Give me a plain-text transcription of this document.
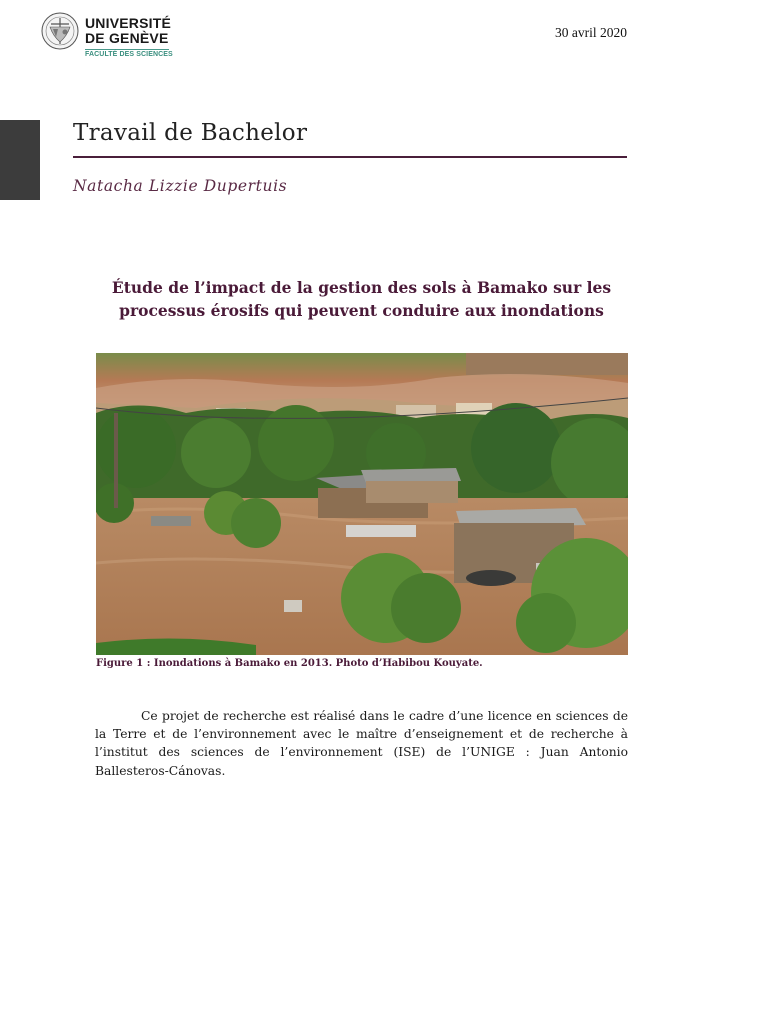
UNIVERSITÉ
DE GENÈVE
FACULTÉ DES SCIENCES
30 avril 2020
Travail de Bachelor
Natacha Lizzie Dupertuis
Étude de l’impact de la gestion des sols à Bamako sur les processus érosifs qui peuvent conduire aux inondations
Figure 1 : Inondations à Bamako en 2013. Photo d’Habibou Kouyate.

Ce projet de recherche est réalisé dans le cadre d’une licence en sciences de la Terre et de l’environnement avec le maître d’enseignement et de recherche à l’institut des sciences de l’environnement (ISE) de l’UNIGE : Juan Antonio Ballesteros-Cánovas.
